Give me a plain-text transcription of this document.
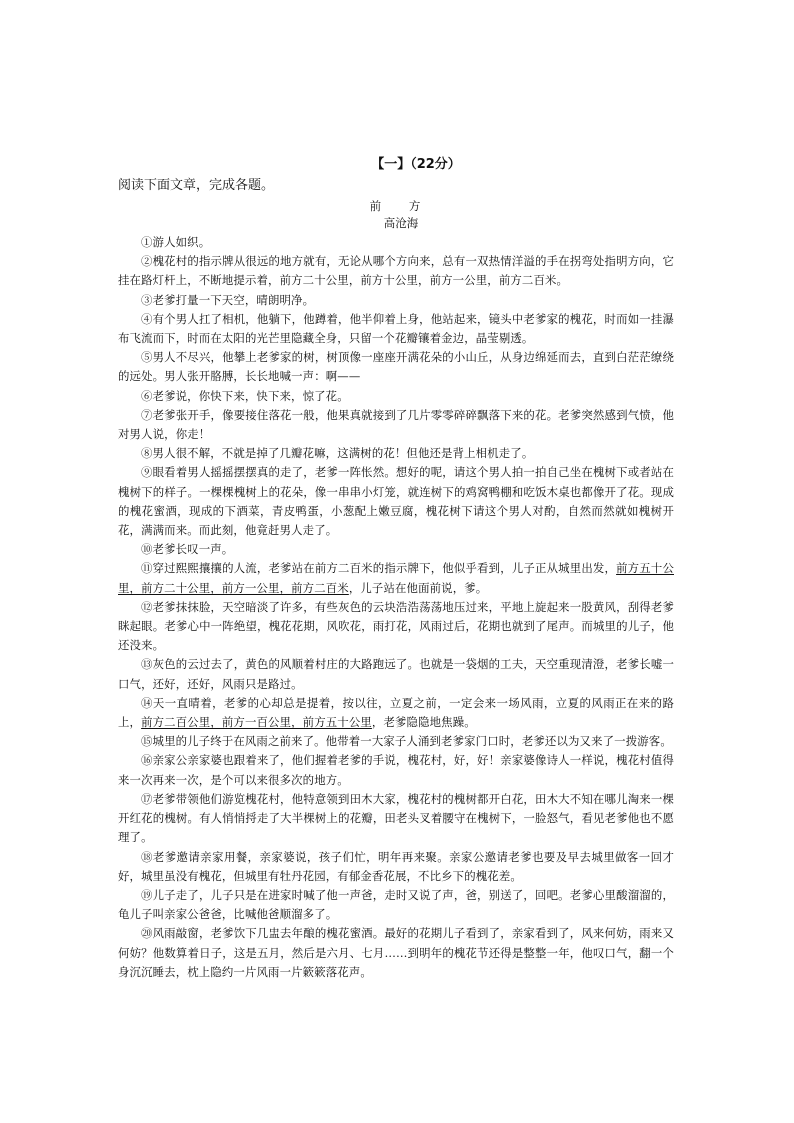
【一】（22分）
阅读下面文章，完成各题。
前 方
高沧海

①游人如织。

②槐花村的指示牌从很远的地方就有，无论从哪个方向来，总有一双热情洋溢的手在拐弯处指明方向，它挂在路灯杆上，不断地提示着，前方二十公里，前方十公里，前方一公里，前方二百米。

③老爹打量一下天空，晴朗明净。

④有个男人扛了相机，他躺下，他蹲着，他半仰着上身，他站起来，镜头中老爹家的槐花，时而如一挂瀑布飞流而下，时而在太阳的光芒里隐藏全身，只留一个花瓣镶着金边，晶莹剔透。

⑤男人不尽兴，他攀上老爹家的树，树顶像一座座开满花朵的小山丘，从身边绵延而去，直到白茫茫缭绕的远处。男人张开胳膊，长长地喊一声：啊——

⑥老爹说，你快下来，快下来，惊了花。

⑦老爹张开手，像要接住落花一般，他果真就接到了几片零零碎碎飘落下来的花。老爹突然感到气愤，他对男人说，你走！

⑧男人很不解，不就是掉了几瓣花嘛，这满树的花！但他还是背上相机走了。

⑨眼看着男人摇摇摆摆真的走了，老爹一阵怅然。想好的呢，请这个男人拍一拍自己坐在槐树下或者站在槐树下的样子。一棵棵槐树上的花朵，像一串串小灯笼，就连树下的鸡窝鸭棚和吃饭木桌也都像开了花。现成的槐花蜜酒，现成的下酒菜，青皮鸭蛋，小葱配上嫩豆腐，槐花树下请这个男人对酌，自然而然就如槐树开花，满满而来。而此刻，他竟赶男人走了。

⑩老爹长叹一声。

⑪穿过熙熙攘攘的人流，老爹站在前方二百米的指示牌下，他似乎看到，儿子正从城里出发，前方五十公里，前方二十公里，前方一公里，前方二百米，儿子站在他面前说，爹。

⑫老爹抹抹脸，天空暗淡了许多，有些灰色的云块浩浩荡荡地压过来，平地上旋起来一股黄风，刮得老爹眯起眼。老爹心中一阵绝望，槐花花期，风吹花，雨打花，风雨过后，花期也就到了尾声。而城里的儿子，他还没来。

⑬灰色的云过去了，黄色的风顺着村庄的大路跑远了。也就是一袋烟的工夫，天空重现清澄，老爹长嘘一口气，还好，还好，风雨只是路过。

⑭天一直晴着，老爹的心却总是提着，按以往，立夏之前，一定会来一场风雨，立夏的风雨正在来的路上，前方二百公里，前方一百公里，前方五十公里，老爹隐隐地焦躁。

⑮城里的儿子终于在风雨之前来了。他带着一大家子人涌到老爹家门口时，老爹还以为又来了一拨游客。

⑯亲家公亲家婆也跟着来了，他们握着老爹的手说，槐花村，好，好！亲家婆像诗人一样说，槐花村值得来一次再来一次，是个可以来很多次的地方。

⑰老爹带领他们游览槐花村，他特意领到田木大家，槐花村的槐树都开白花，田木大不知在哪儿淘来一棵开红花的槐树。有人悄悄捋走了大半棵树上的花瓣，田老头叉着腰守在槐树下，一脸怒气，看见老爹他也不愿理了。

⑱老爹邀请亲家用餐，亲家婆说，孩子们忙，明年再来聚。亲家公邀请老爹也要及早去城里做客一回才好，城里虽没有槐花，但城里有牡丹花园，有郁金香花展，不比乡下的槐花差。

⑲儿子走了，儿子只是在进家时喊了他一声爸，走时又说了声，爸，别送了，回吧。老爹心里酸溜溜的，龟儿子叫亲家公爸爸，比喊他爸顺溜多了。

⑳风雨敲窗，老爹饮下几盅去年酿的槐花蜜酒。最好的花期儿子看到了，亲家看到了，风来何妨，雨来又何妨？他数算着日子，这是五月，然后是六月、七月……到明年的槐花节还得是整整一年，他叹口气，翻一个身沉沉睡去，枕上隐约一片风雨一片簌簌落花声。
